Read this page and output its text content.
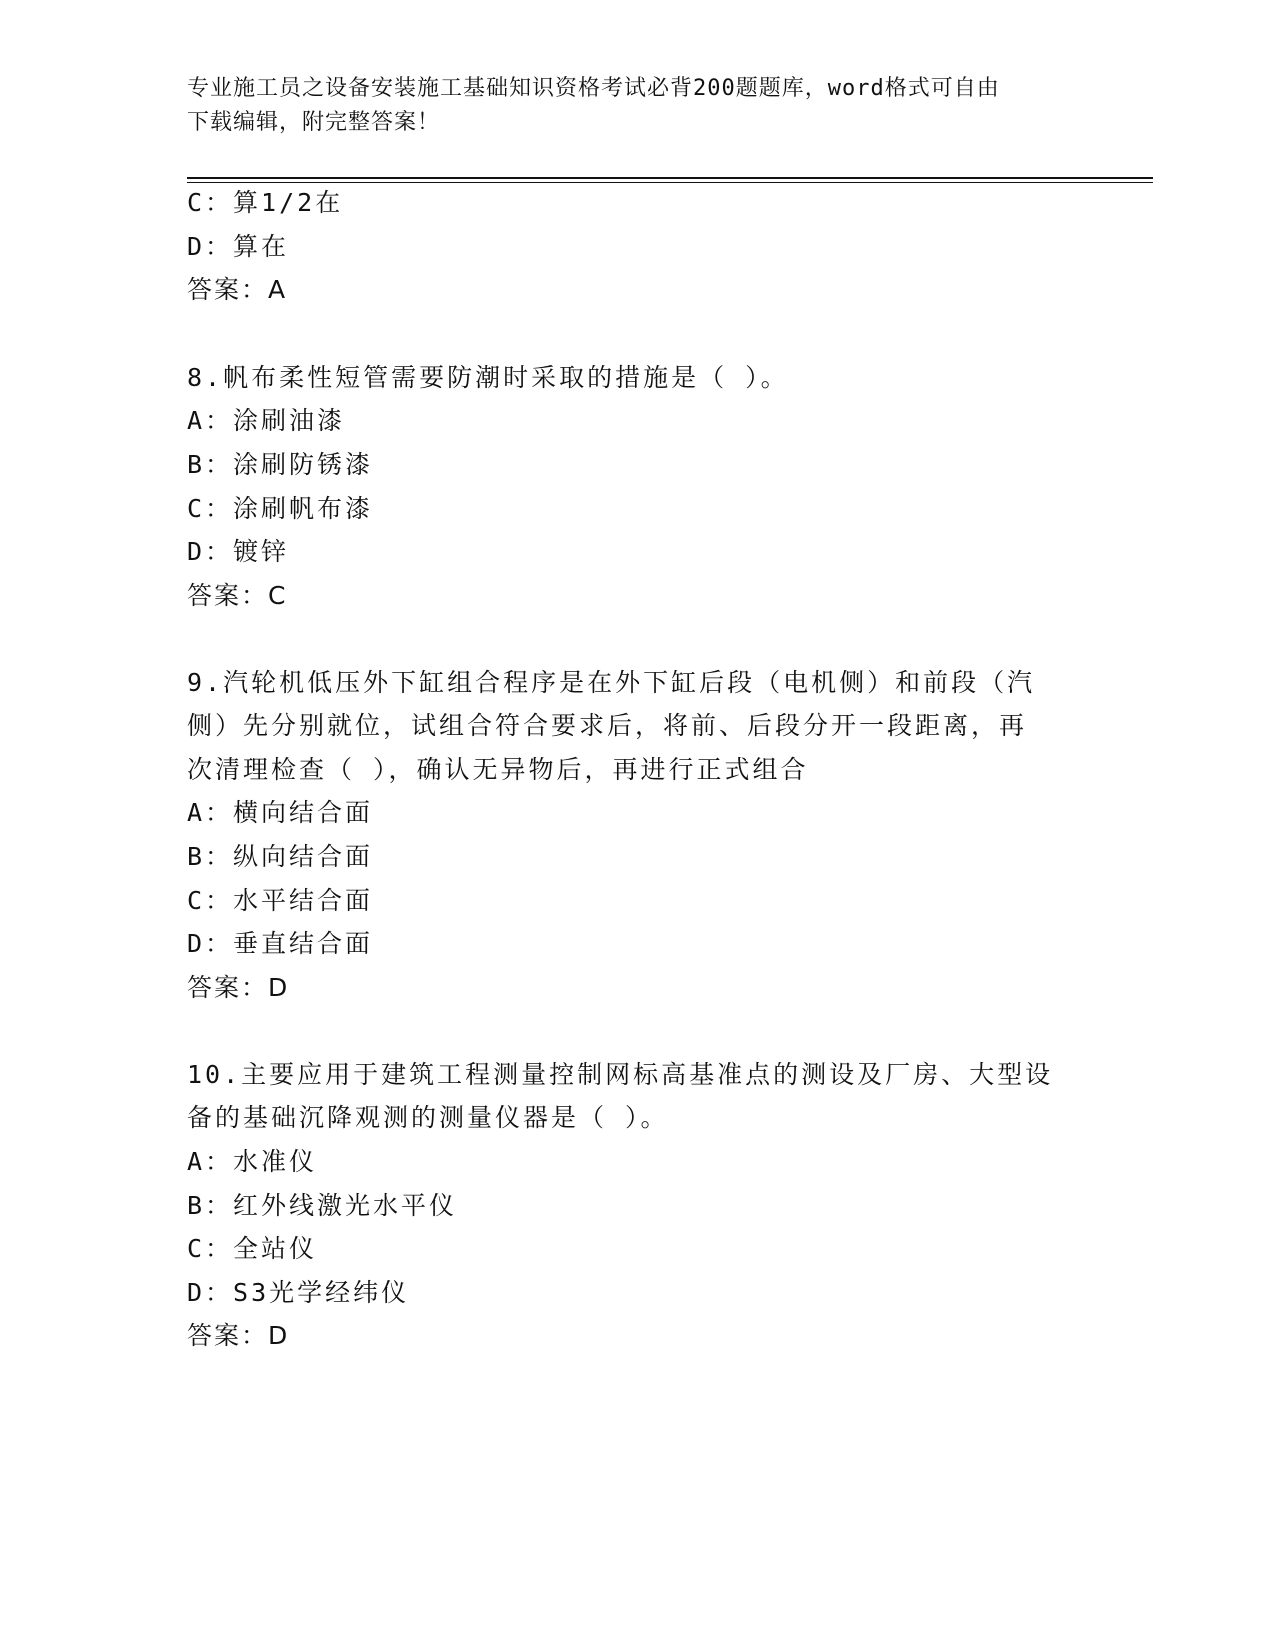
专业施工员之设备安装施工基础知识资格考试必背200题题库，word格式可自由
下载编辑，附完整答案！
C：算1/2在
D：算在
答案：A
8.帆布柔性短管需要防潮时采取的措施是（ ）。
A：涂刷油漆
B：涂刷防锈漆
C：涂刷帆布漆
D：镀锌
答案：C
9.汽轮机低压外下缸组合程序是在外下缸后段（电机侧）和前段（汽
侧）先分别就位，试组合符合要求后，将前、后段分开一段距离，再
次清理检查（ ），确认无异物后，再进行正式组合
A：横向结合面
B：纵向结合面
C：水平结合面
D：垂直结合面
答案：D
10.主要应用于建筑工程测量控制网标高基准点的测设及厂房、大型设
备的基础沉降观测的测量仪器是（ ）。
A：水准仪
B：红外线激光水平仪
C：全站仪
D：S3光学经纬仪
答案：D
